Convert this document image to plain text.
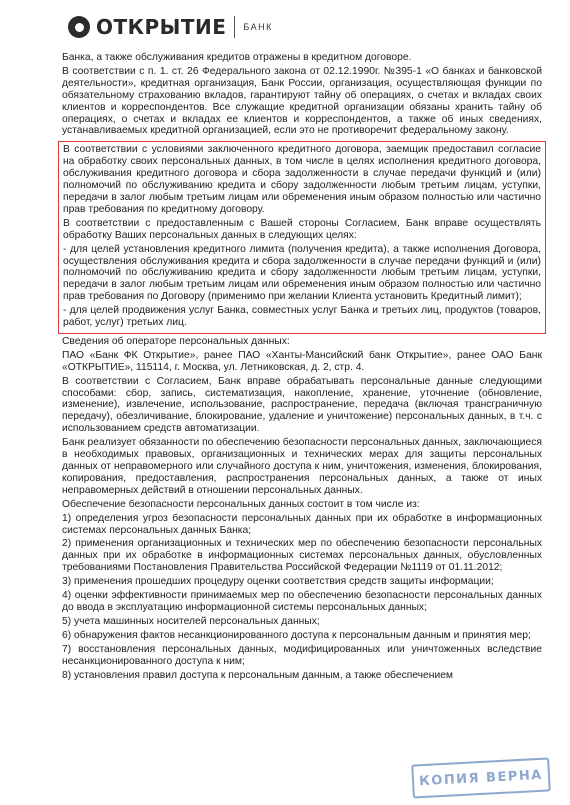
ОТКРЫТИЕ БАНК

Банка, а также обслуживания кредитов отражены в кредитном договоре.

В соответствии с п. 1. ст. 26 Федерального закона от 02.12.1990г. №395-1 «О банках и банковской деятельности», кредитная организация, Банк России, организация, осуществляющая функции по обязательному страхованию вкладов, гарантируют тайну об операциях, о счетах и вкладах своих клиентов и корреспондентов. Все служащие кредитной организации обязаны хранить тайну об операциях, о счетах и вкладах ее клиентов и корреспондентов, а также об иных сведениях, устанавливаемых кредитной организацией, если это не противоречит федеральному закону.

В соответствии с условиями заключенного кредитного договора, заемщик предоставил согласие на обработку своих персональных данных, в том числе в целях исполнения кредитного договора, обслуживания кредитного договора и сбора задолженности в случае передачи функций и (или) полномочий по обслуживанию кредита и сбору задолженности любым третьим лицам, уступки, передачи в залог любым третьим лицам или обременения иным образом полностью или частично прав требования по кредитному договору.

В соответствии с предоставленным с Вашей стороны Согласием, Банк вправе осуществлять обработку Ваших персональных данных в следующих целях:

- для целей установления кредитного лимита (получения кредита), а также исполнения Договора, осуществления обслуживания кредита и сбора задолженности в случае передачи функций и (или) полномочий по обслуживанию кредита и сбору задолженности любым третьим лицам, уступки, передачи в залог любым третьим лицам или обременения иным образом полностью или частично прав требования по Договору (применимо при желании Клиента установить Кредитный лимит);

- для целей продвижения услуг Банка, совместных услуг Банка и третьих лиц, продуктов (товаров, работ, услуг) третьих лиц.

Сведения об операторе персональных данных:

ПАО «Банк ФК Открытие», ранее ПАО «Ханты-Мансийский банк Открытие», ранее ОАО Банк «ОТКРЫТИЕ», 115114, г. Москва, ул. Летниковская, д. 2, стр. 4.

В соответствии с Согласием, Банк вправе обрабатывать персональные данные следующими способами: сбор, запись, систематизация, накопление, хранение, уточнение (обновление, изменение), извлечение, использование, распространение, передача (включая трансграничную передачу), обезличивание, блокирование, удаление и уничтожение) персональных данных, в т.ч. с использованием средств автоматизации.

Банк реализует обязанности по обеспечению безопасности персональных данных, заключающиеся в необходимых правовых, организационных и технических мерах для защиты персональных данных от неправомерного или случайного доступа к ним, уничтожения, изменения, блокирования, копирования, предоставления, распространения персональных данных, а также от иных неправомерных действий в отношении персональных данных.

Обеспечение безопасности персональных данных состоит в том числе из:

1) определения угроз безопасности персональных данных при их обработке в информационных системах персональных данных Банка;

2) применения организационных и технических мер по обеспечению безопасности персональных данных при их обработке в информационных системах персональных данных, обусловленных требованиями Постановления Правительства Российской Федерации №1119 от 01.11.2012;

3) применения прошедших процедуру оценки соответствия средств защиты информации;

4) оценки эффективности принимаемых мер по обеспечению безопасности персональных данных до ввода в эксплуатацию информационной системы персональных данных;

5) учета машинных носителей персональных данных;

6) обнаружения фактов несанкционированного доступа к персональным данным и принятия мер;

7) восстановления персональных данных, модифицированных или уничтоженных вследствие несанкционированного доступа к ним;

8) установления правил доступа к персональным данным, а также обеспечением

КОПИЯ ВЕРНА
